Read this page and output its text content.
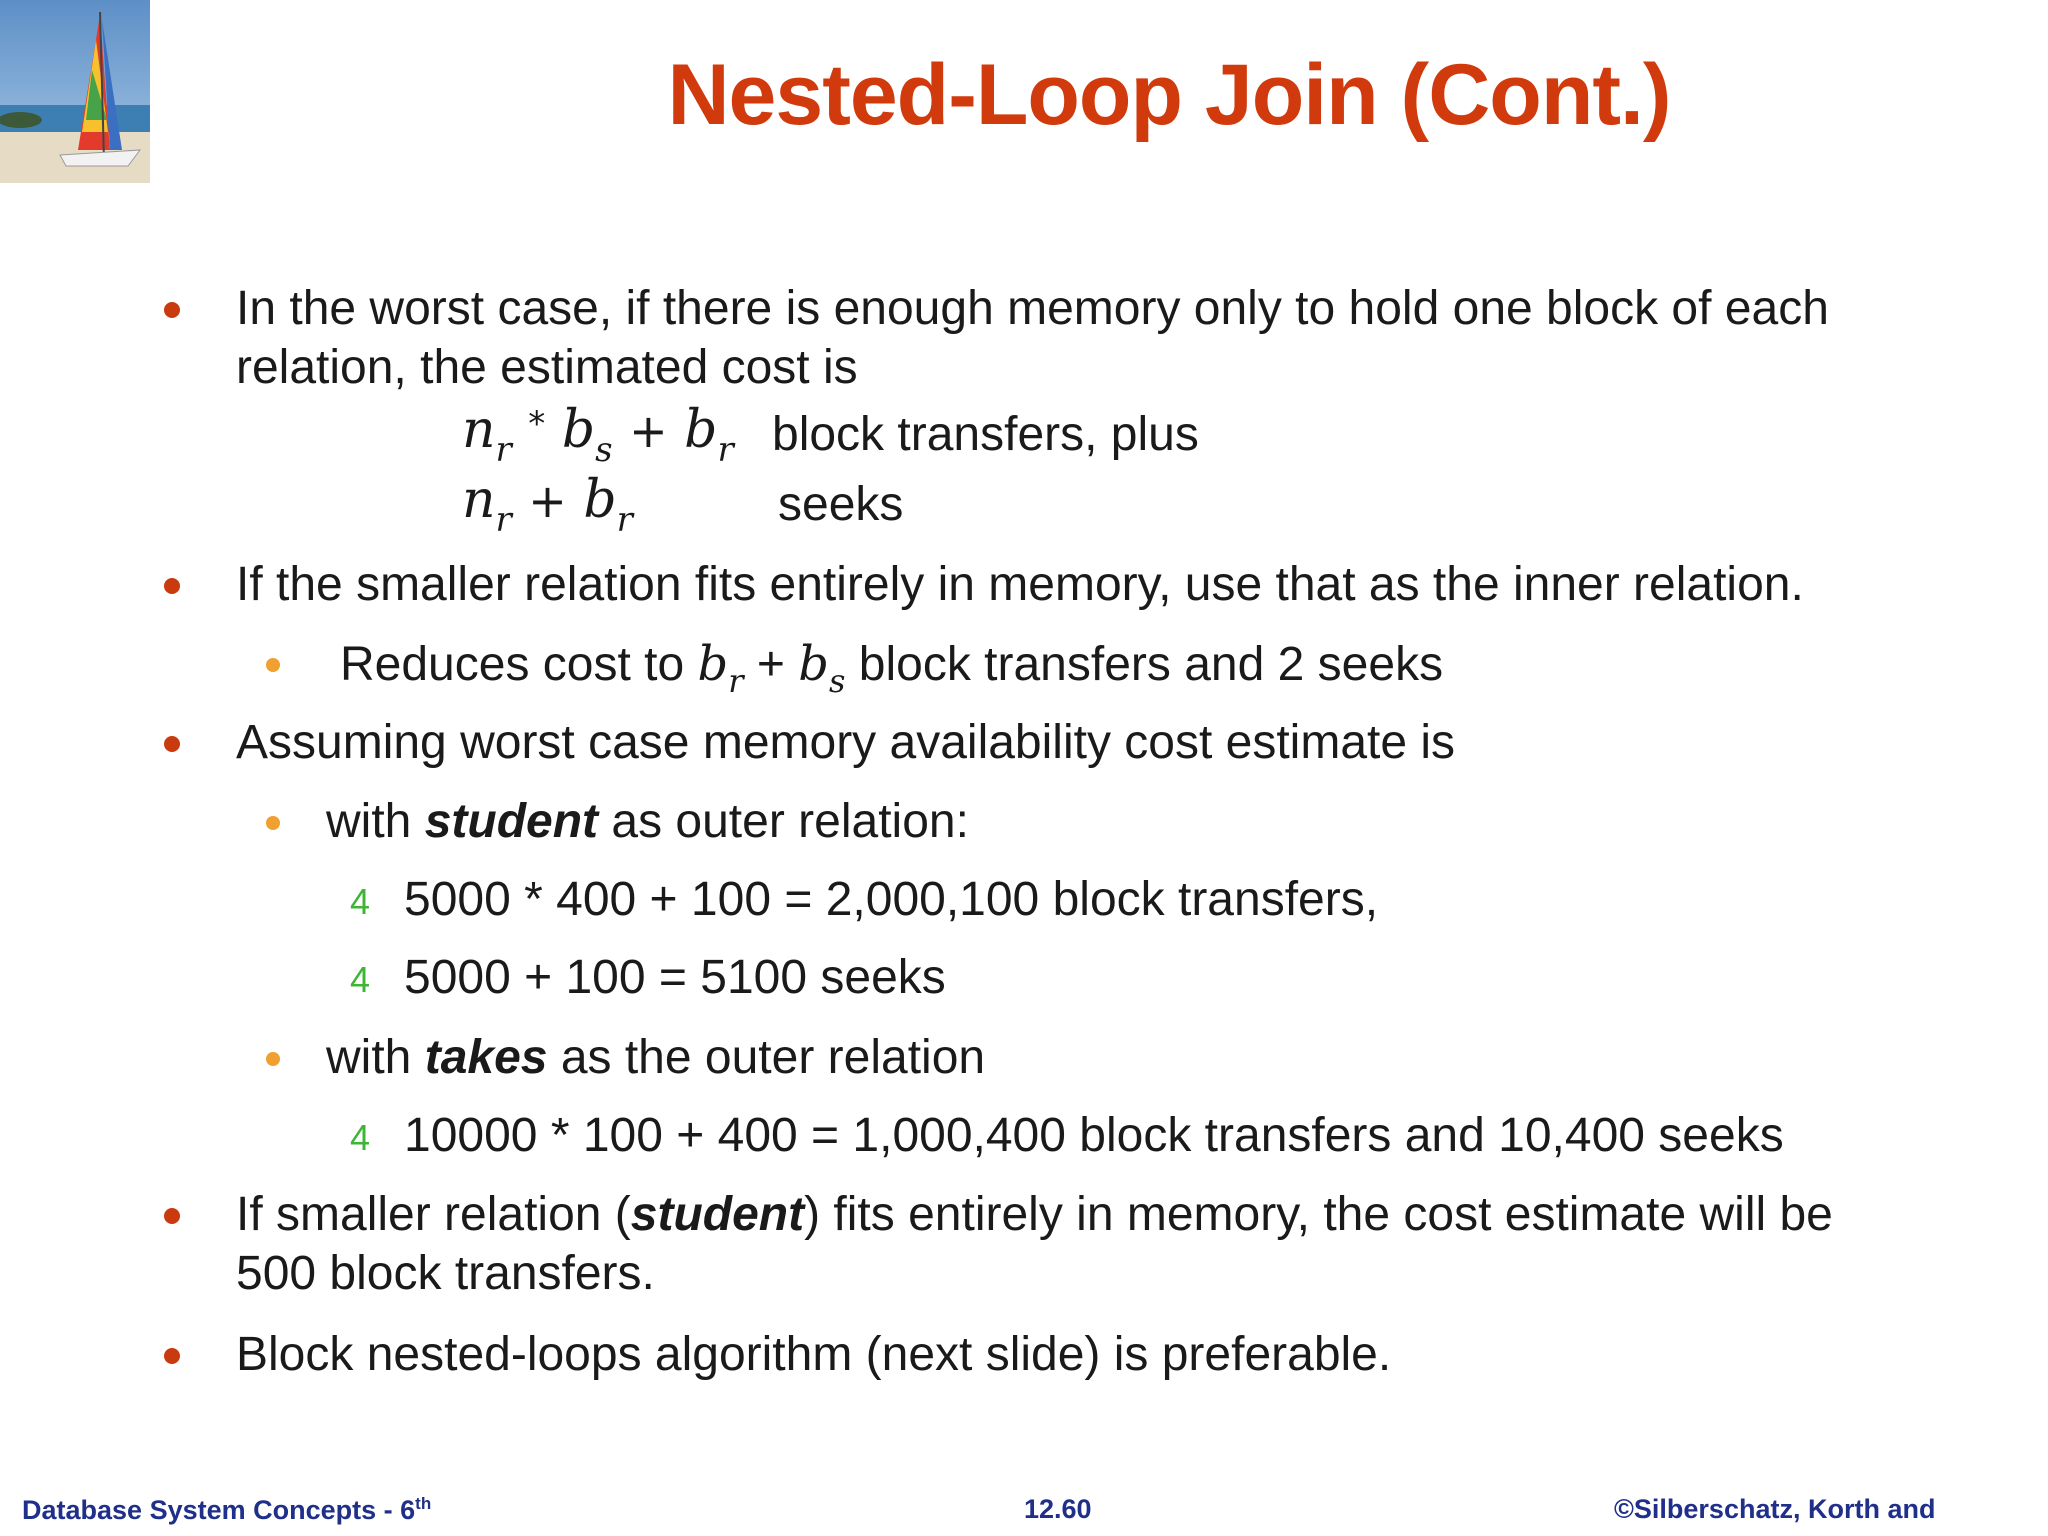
Nested-Loop Join (Cont.)
In the worst case, if there is enough memory only to hold one block of each
relation, the estimated cost is
$n_r$ * $b_s + b_r$ block transfers, plus
$n_r + b_r$	seeks
If the smaller relation fits entirely in memory, use that as the inner relation.
Reduces cost to $b_r + b_s$ block transfers and 2 seeks
Assuming worst case memory availability cost estimate is
with student as outer relation:
4 5000 * 400 + 100 = 2,000,100 block transfers,
4 5000 + 100 = 5100 seeks
with takes as the outer relation
4 10000 * 100 + 400 = 1,000,400 block transfers and 10,400 seeks
If smaller relation (student) fits entirely in memory, the cost estimate will be
500 block transfers.
Block nested-loops algorithm (next slide) is preferable.
Database System Concepts - 6th	12.60	©Silberschatz, Korth and
